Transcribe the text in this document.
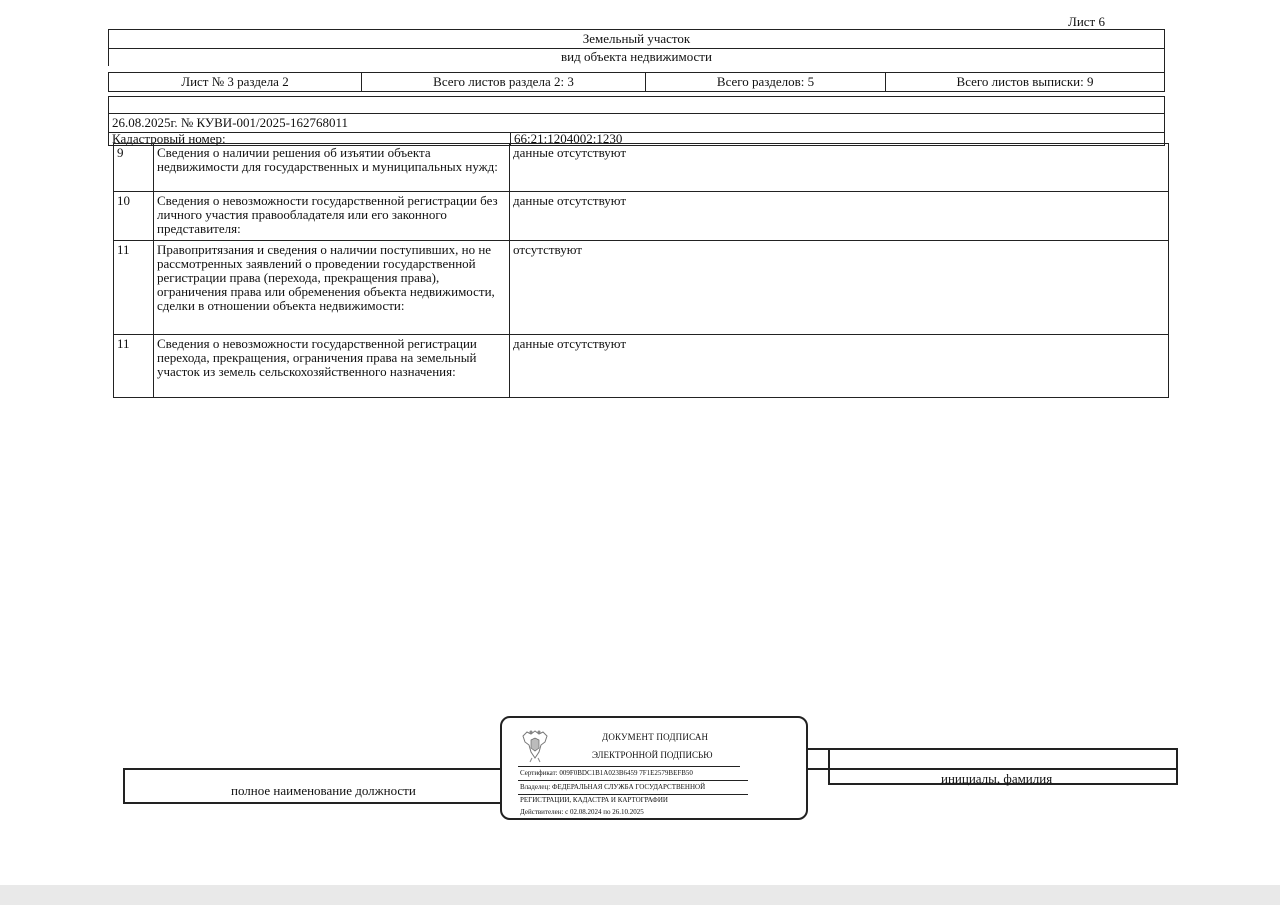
Лист 6
Земельный участок
вид объекта недвижимости
Лист № 3 раздела 2	Всего листов раздела 2: 3	Всего разделов: 5	Всего листов выписки: 9
26.08.2025г. № КУВИ-001/2025-162768011
Кадастровый номер:	66:21:1204002:1230
9	Сведения о наличии решения об изъятии объекта недвижимости для государственных и муниципальных нужд:	данные отсутствуют
10	Сведения о невозможности государственной регистрации без личного участия правообладателя или его законного представителя:	данные отсутствуют
11	Правопритязания и сведения о наличии поступивших, но не рассмотренных заявлений о проведении государственной регистрации права (перехода, прекращения права), ограничения права или обременения объекта недвижимости, сделки в отношении объекта недвижимости:	отсутствуют
11	Сведения о невозможности государственной регистрации перехода, прекращения, ограничения права на земельный участок из земель сельскохозяйственного назначения:	данные отсутствуют
полное наименование должности
инициалы, фамилия
ДОКУМЕНТ ПОДПИСАН
ЭЛЕКТРОННОЙ ПОДПИСЬЮ
Сертификат: 009F0BDC1B1A023B6459 7F1E2579BEFB50
Владелец: ФЕДЕРАЛЬНАЯ СЛУЖБА ГОСУДАРСТВЕННОЙ
РЕГИСТРАЦИИ, КАДАСТРА И КАРТОГРАФИИ
Действителен: с 02.08.2024 по 26.10.2025
